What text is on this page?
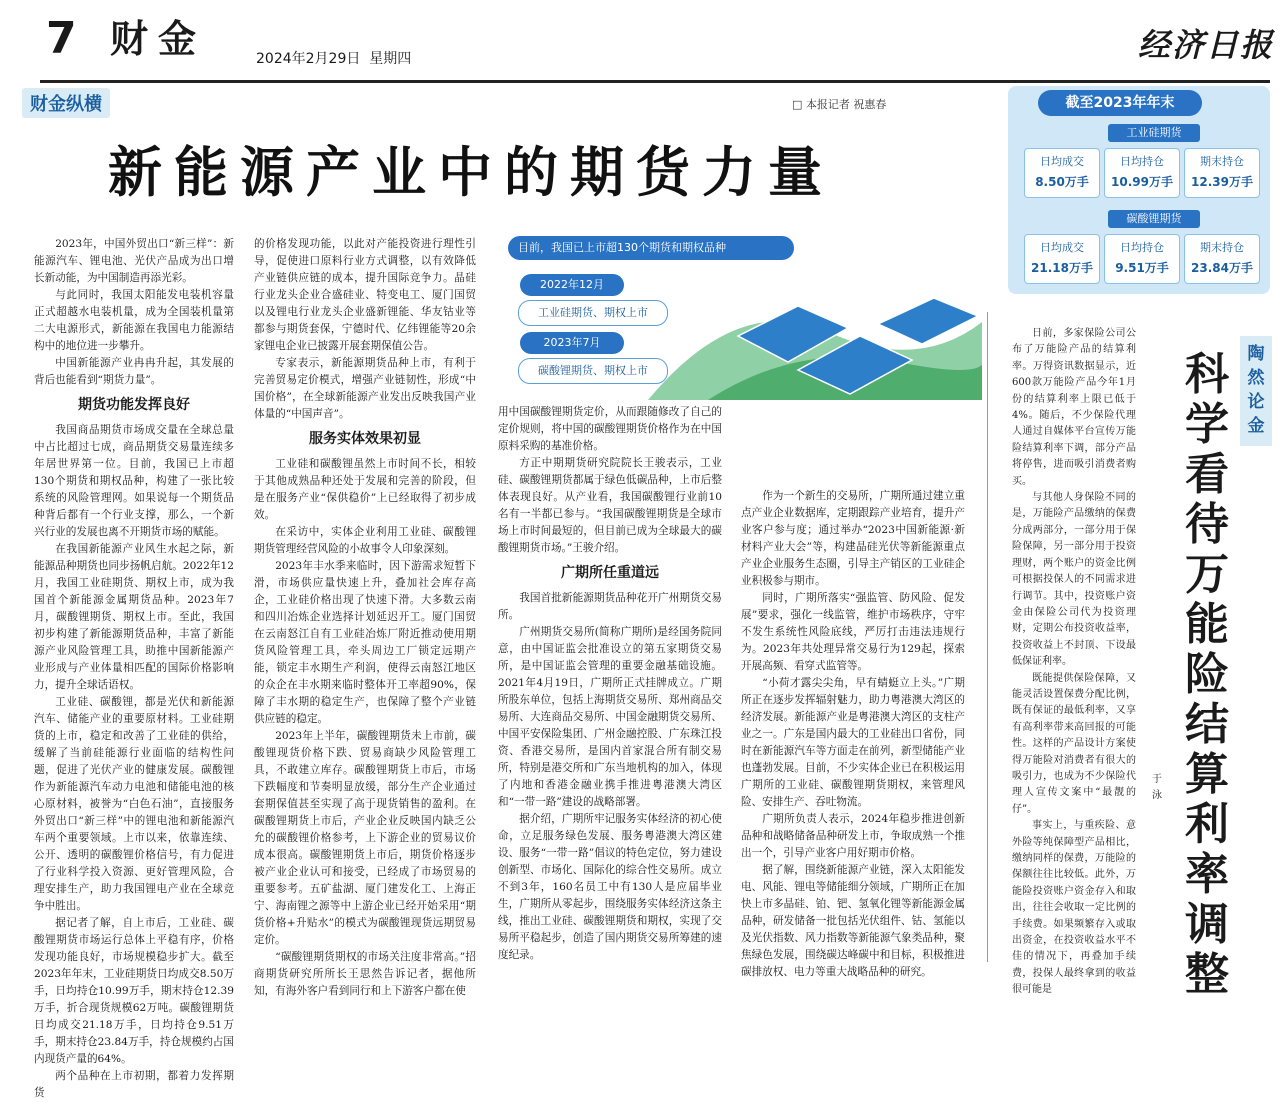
7 财金	2024年2月29日 星期四	经济日报
财金纵横	□ 本报记者 祝惠春
新能源产业中的期货力量
截至2023年年末
工业硅期货
日均成交
8.50万手
日均持仓
10.99万手
期末持仓
12.39万手
碳酸锂期货
日均成交
21.18万手
日均持仓
9.51万手
期末持仓
23.84万手
目前，我国已上市超130个期货和期权品种
2022年12月
工业硅期货、期权上市
2023年7月
碳酸锂期货、期权上市

2023年，中国外贸出口“新三样”：新能源汽车、锂电池、光伏产品成为出口增长新动能，为中国制造再添光彩。

与此同时，我国太阳能发电装机容量正式超越水电装机量，成为全国装机量第二大电源形式，新能源在我国电力能源结构中的地位进一步攀升。

中国新能源产业冉冉升起，其发展的背后也能看到“期货力量”。

期货功能发挥良好

我国商品期货市场成交量在全球总量中占比超过七成，商品期货交易量连续多年居世界第一位。目前，我国已上市超130个期货和期权品种，构建了一张比较系统的风险管理网。如果说每一个期货品种背后都有一个行业支撑，那么，一个新兴行业的发展也离不开期货市场的赋能。

在我国新能源产业风生水起之际，新能源品种期货也同步扬帆启航。2022年12月，我国工业硅期货、期权上市，成为我国首个新能源金属期货品种。2023年7月，碳酸锂期货、期权上市。至此，我国初步构建了新能源期货品种，丰富了新能源产业风险管理工具，助推中国新能源产业形成与产业体量相匹配的国际价格影响力，提升全球话语权。

工业硅、碳酸锂，都是光伏和新能源汽车、储能产业的重要原材料。工业硅期货的上市，稳定和改善了工业硅的供给，缓解了当前硅能源行业面临的结构性问题，促进了光伏产业的健康发展。碳酸锂作为新能源汽车动力电池和储能电池的核心原材料，被誉为“白色石油”，直接服务外贸出口“新三样”中的锂电池和新能源汽车两个重要领域。上市以来，依靠连续、公开、透明的碳酸锂价格信号，有力促进了行业科学投入资源、更好管理风险，合理安排生产，助力我国锂电产业在全球竞争中胜出。

据记者了解，自上市后，工业硅、碳酸锂期货市场运行总体上平稳有序，价格发现功能良好，市场规模稳步扩大。截至2023年年末，工业硅期货日均成交8.50万手，日均持仓10.99万手，期末持仓12.39万手，折合现货规模62万吨。碳酸锂期货日均成交21.18万手，日均持仓9.51万手，期末持仓23.84万手，持仓规模约占国内现货产量的64%。

两个品种在上市初期，都着力发挥期货

的价格发现功能，以此对产能投资进行理性引导，促使进口原料行业方式调整，以有效降低产业链供应链的成本，提升国际竞争力。晶硅行业龙头企业合盛硅业、特变电工、厦门国贸以及锂电行业龙头企业盛新锂能、华友钴业等都参与期货套保，宁德时代、亿纬锂能等20余家锂电企业已披露开展套期保值公告。

专家表示，新能源期货品种上市，有利于完善贸易定价模式，增强产业链韧性，形成“中国价格”，在全球新能源产业发出反映我国产业体量的“中国声音”。

服务实体效果初显

工业硅和碳酸锂虽然上市时间不长，相较于其他成熟品种还处于发展和完善的阶段，但是在服务产业“保供稳价”上已经取得了初步成效。

在采访中，实体企业利用工业硅、碳酸锂期货管理经营风险的小故事令人印象深刻。

2023年丰水季来临时，因下游需求短暂下滑，市场供应量快速上升，叠加社会库存高企，工业硅价格出现了快速下滑。大多数云南和四川冶炼企业选择计划延迟开工。厦门国贸在云南怒江自有工业硅冶炼厂附近推动使用期货风险管理工具，牵头周边工厂锁定远期产能，锁定丰水期生产利润，使得云南怒江地区的众企在丰水期来临时整体开工率超90%，保障了丰水期的稳定生产，也保障了整个产业链供应链的稳定。

2023年上半年，碳酸锂期货未上市前，碳酸锂现货价格下跌、贸易商缺少风险管理工具，不敢建立库存。碳酸锂期货上市后，市场下跌幅度和节奏明显放缓，部分生产企业通过套期保值甚至实现了高于现货销售的盈利。在碳酸锂期货上市后，产业企业反映国内缺乏公允的碳酸锂价格参考，上下游企业的贸易议价成本很高。碳酸锂期货上市后，期货价格逐步被产业企业认可和接受，已经成了市场贸易的重要参考。五矿盐湖、厦门建发化工、上海正宁、海南锂之源等中上游企业已经开始采用“期货价格+升贴水”的模式为碳酸锂现货远期贸易定价。

“碳酸锂期货期权的市场关注度非常高。”招商期货研究所所长王思然告诉记者，据他所知，有海外客户看到同行和上下游客户都在使

用中国碳酸锂期货定价，从而跟随修改了自己的定价规则，将中国的碳酸锂期货价格作为在中国原料采购的基准价格。

方正中期期货研究院院长王骏表示，工业硅、碳酸锂期货都属于绿色低碳品种，上市后整体表现良好。从产业看，我国碳酸锂行业前10名有一半都已参与。“我国碳酸锂期货是全球市场上市时间最短的，但目前已成为全球最大的碳酸锂期货市场。”王骏介绍。

广期所任重道远

我国首批新能源期货品种花开广州期货交易所。

广州期货交易所(简称广期所)是经国务院同意，由中国证监会批准设立的第五家期货交易所，是中国证监会管理的重要金融基础设施。2021年4月19日，广期所正式挂牌成立。广期所股东单位，包括上海期货交易所、郑州商品交易所、大连商品交易所、中国金融期货交易所、中国平安保险集团、广州金融控股、广东珠江投资、香港交易所，是国内首家混合所有制交易所，特别是港交所和广东当地机构的加入，体现了内地和香港金融业携手推进粤港澳大湾区和“一带一路”建设的战略部署。

据介绍，广期所牢记服务实体经济的初心使命，立足服务绿色发展、服务粤港澳大湾区建设、服务“一带一路”倡议的特色定位，努力建设创新型、市场化、国际化的综合性交易所。成立不到3年，160名员工中有130人是应届毕业生，广期所从零起步，围绕服务实体经济这条主线，推出工业硅、碳酸锂期货和期权，实现了交易所平稳起步，创造了国内期货交易所筹建的速度纪录。

作为一个新生的交易所，广期所通过建立重点产业企业数据库，定期跟踪产业培育，提升产业客户参与度；通过举办“2023中国新能源·新材料产业大会”等，构建晶硅光伏等新能源重点产业企业服务生态圈，引导主产销区的工业硅企业积极参与期市。

同时，广期所落实“强监管、防风险、促发展”要求，强化一线监管，维护市场秩序，守牢不发生系统性风险底线，严厉打击违法违规行为。2023年共处理异常交易行为129起，探索开展高频、看穿式监管等。

“小荷才露尖尖角，早有蜻蜓立上头。”广期所正在逐步发挥辐射魅力，助力粤港澳大湾区的经济发展。新能源产业是粤港澳大湾区的支柱产业之一。广东是国内最大的工业硅出口省份，同时在新能源汽车等方面走在前列，新型储能产业也蓬勃发展。目前，不少实体企业已在积极运用广期所的工业硅、碳酸锂期货期权，来管理风险、安排生产、吞吐物流。

广期所负责人表示，2024年稳步推进创新品种和战略储备品种研发上市，争取成熟一个推出一个，引导产业客户用好期市价格。

据了解，围绕新能源产业链，深入太阳能发电、风能、锂电等储能细分领域，广期所正在加快上市多晶硅、铂、钯、氢氧化锂等新能源金属品种，研发储备一批包括光伏组件、钴、氢能以及光伏指数、风力指数等新能源气象类品种，聚焦绿色发展，围绕碳达峰碳中和目标，积极推进碳排放权、电力等重大战略品种的研究。

日前，多家保险公司公布了万能险产品的结算利率。万得资讯数据显示，近600款万能险产品今年1月份的结算利率上限已低于4%。随后，不少保险代理人通过自媒体平台宣传万能险结算利率下调，部分产品将停售，进而吸引消费者购买。

与其他人身保险不同的是，万能险产品缴纳的保费分成两部分，一部分用于保险保障，另一部分用于投资理财，两个账户的资金比例可根据投保人的不同需求进行调节。其中，投资账户资金由保险公司代为投资理财，定期公布投资收益率，投资收益上不封顶、下设最低保证利率。

既能提供保险保障，又能灵活设置保费分配比例，既有保证的最低利率，又享有高利率带来高回报的可能性。这样的产品设计方案使得万能险对消费者有很大的吸引力，也成为不少保险代理人宣传文案中“最靓的仔”。

事实上，与重疾险、意外险等纯保障型产品相比，缴纳同样的保费，万能险的保额往往比较低。此外，万能险投资账户资金存入和取出，往往会收取一定比例的手续费。如果频繁存入或取出资金，在投资收益水平不佳的情况下，再叠加手续费，投保人最终拿到的收益很可能是

陶然论金
科学看待万能险结算利率调整
于泳
